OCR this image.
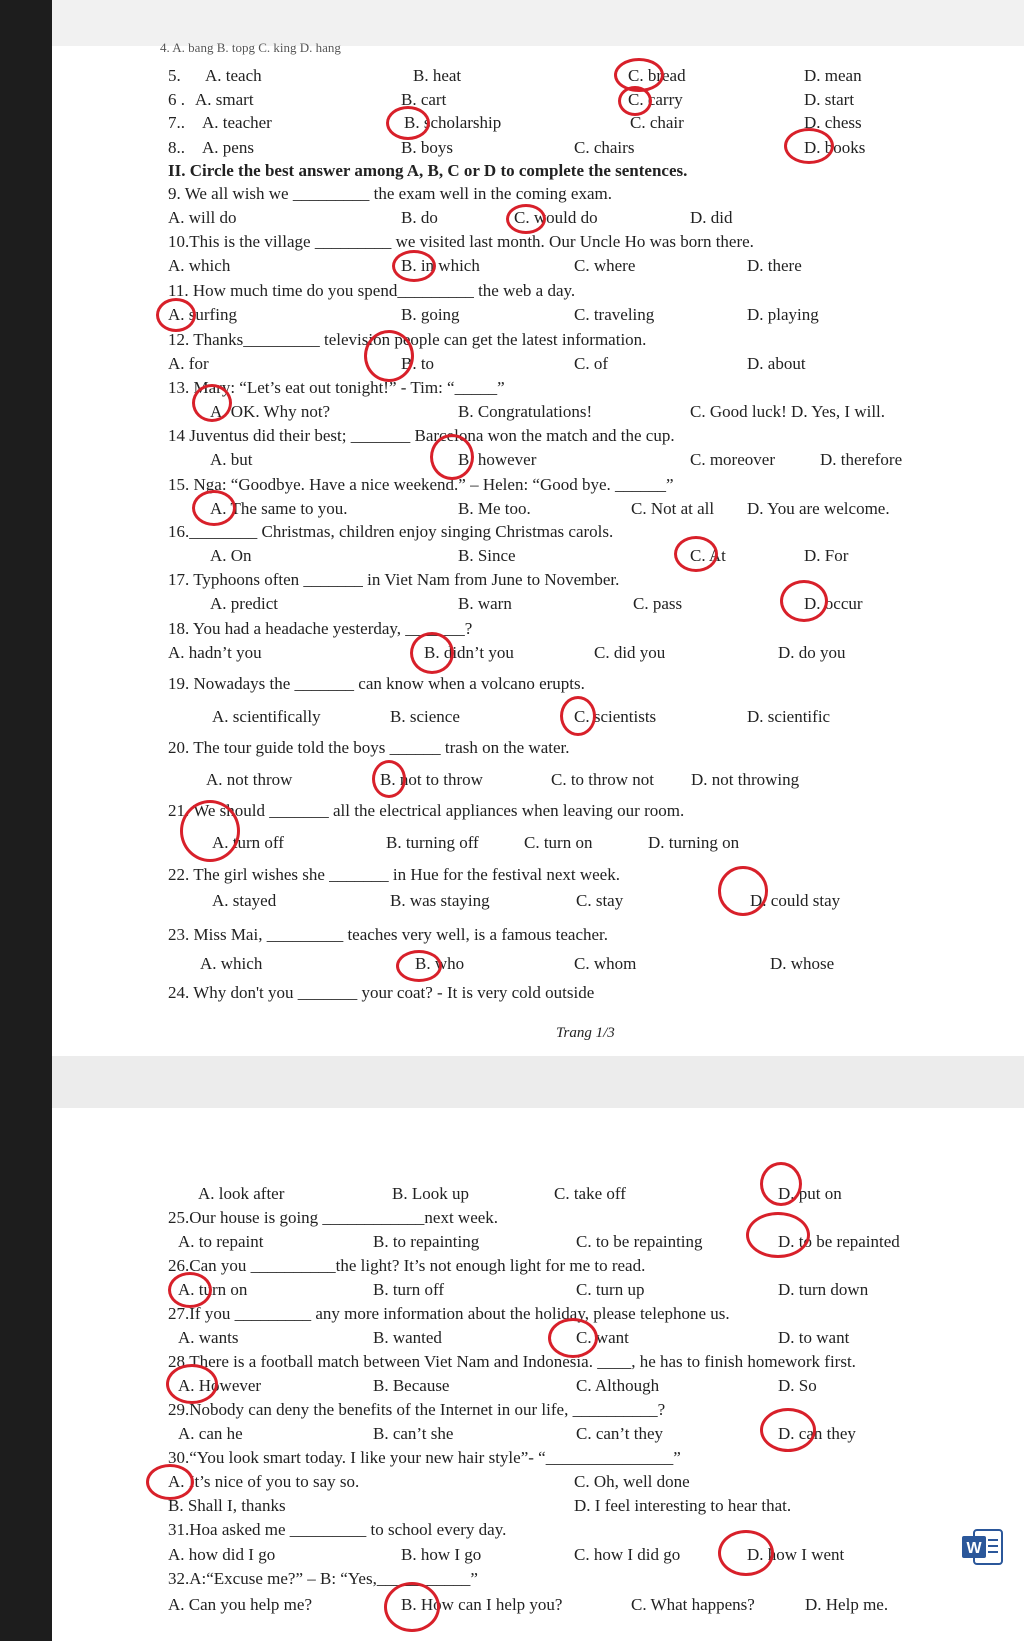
4. A. bang B. topg C. king D. hang
5. A. teach	B. heat	C. bread	D. mean
6 . A. smart	B. cart	C. carry	D. start
7.. A. teacher	B. scholarship	C. chair	D. chess
8.. A. pens	B. boys	C. chairs	D. books
II. Circle the best answer among A, B, C or D to complete the sentences.
9. We all wish we _________ the exam well in the coming exam.
A. will do	B. do	C. would do	D. did
10.This is the village _________ we visited last month. Our Uncle Ho was born there.
A. which	B. in which	C. where	D. there
11. How much time do you spend_________ the web a day.
A. surfing	B. going	C. traveling	D. playing
12. Thanks_________ television people can get the latest information.
A. for	B. to	C. of	D. about
13. Mary: “Let’s eat out tonight!” - Tim: “_____”
A. OK. Why not?	B. Congratulations!	C. Good luck! D. Yes, I will.
14 Juventus did their best; _______ Barcelona won the match and the cup.
A. but	B. however	C. moreover	D. therefore
15. Nga: “Goodbye. Have a nice weekend.” – Helen: “Good bye. ______”
A. The same to you.	B. Me too.	C. Not at all D. You are welcome.
16.________ Christmas, children enjoy singing Christmas carols.
A. On	B. Since	C. At	D. For
17. Typhoons often _______ in Viet Nam from June to November.
A. predict	B. warn	C. pass	D. occur
18. You had a headache yesterday, _______?
A. hadn’t you	B. didn’t you	C. did you	D. do you
19. Nowadays the _______ can know when a volcano erupts.
A. scientifically	B. science	C. scientists	D. scientific
20. The tour guide told the boys ______ trash on the water.
A. not throw	B. not to throw	C. to throw not D. not throwing
21. We should _______ all the electrical appliances when leaving our room.
A. turn off	B. turning off	C. turn on	D. turning on
22. The girl wishes she _______ in Hue for the festival next week.
A. stayed	B. was staying	C. stay	D. could stay
23. Miss Mai, _________ teaches very well, is a famous teacher.
A. which	B. who	C. whom	D. whose
24. Why don't you _______ your coat? - It is very cold outside
Trang 1/3
A. look after	B. Look up	C. take off	D. put on
25.Our house is going ____________next week.
A. to repaint	B. to repainting	C. to be repainting	D. to be repainted
26.Can you __________the light? It’s not enough light for me to read.
A. turn on	B. turn off	C. turn up	D. turn down
27.If you _________ any more information about the holiday, please telephone us.
A. wants	B. wanted	C. want	D. to want
28.There is a football match between Viet Nam and Indonesia. ____, he has to finish homework first.
A. However	B. Because	C. Although	D. So
29.Nobody can deny the benefits of the Internet in our life, __________?
A. can he	B. can’t she	C. can’t they	D. can they
30.“You look smart today. I like your new hair style”- “_______________”
A. It’s nice of you to say so.	C. Oh, well done
B. Shall I, thanks	D. I feel interesting to hear that.
31.Hoa asked me _________ to school every day.
A. how did I go	B. how I go	C. how I did go	D. how I went
32.A:“Excuse me?” – B: “Yes,___________”
A. Can you help me?	B. How can I help you?	C. What happens?	D. Help me.
W
